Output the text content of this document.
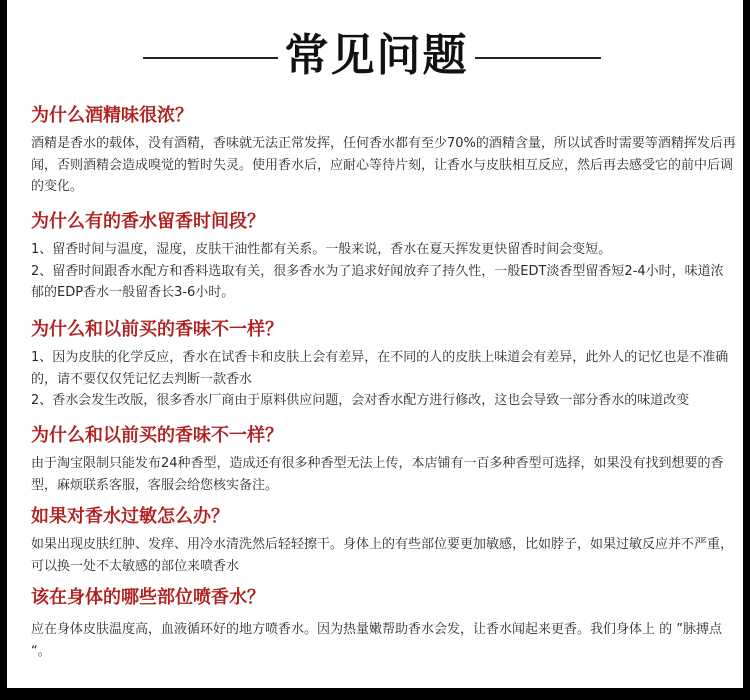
常见问题
为什么酒精味很浓？

酒精是香水的载体，没有酒精，香味就无法正常发挥，任何香水都有至少70%的酒精含量，所以试香时需要等酒精挥发后再闻，否则酒精会造成嗅觉的暂时失灵。使用香水后，应耐心等待片刻，让香水与皮肤相互反应，然后再去感受它的前中后调的变化。

为什么有的香水留香时间段？

1、留香时间与温度，湿度，皮肤干油性都有关系。一般来说，香水在夏天挥发更快留香时间会变短。

2、留香时间跟香水配方和香料选取有关，很多香水为了追求好闻放弃了持久性，一般EDT淡香型留香短2-4小时，味道浓郁的EDP香水一般留香长3-6小时。

为什么和以前买的香味不一样？

1、因为皮肤的化学反应，香水在试香卡和皮肤上会有差异，在不同的人的皮肤上味道会有差异，此外人的记忆也是不准确的，请不要仅仅凭记忆去判断一款香水

2、香水会发生改版，很多香水厂商由于原料供应问题，会对香水配方进行修改，这也会导致一部分香水的味道改变

为什么和以前买的香味不一样？

由于淘宝限制只能发布24种香型，造成还有很多种香型无法上传，本店铺有一百多种香型可选择，如果没有找到想要的香型，麻烦联系客服，客服会给您核实备注。

如果对香水过敏怎么办？

如果出现皮肤红肿、发痒、用冷水清洗然后轻轻擦干。身体上的有些部位要更加敏感，比如脖子，如果过敏反应并不严重，可以换一处不太敏感的部位来喷香水

该在身体的哪些部位喷香水？

应在身体皮肤温度高，血液循环好的地方喷香水。因为热量嫩帮助香水会发，让香水闻起来更香。我们身体上 的 ”脉搏点 “。
